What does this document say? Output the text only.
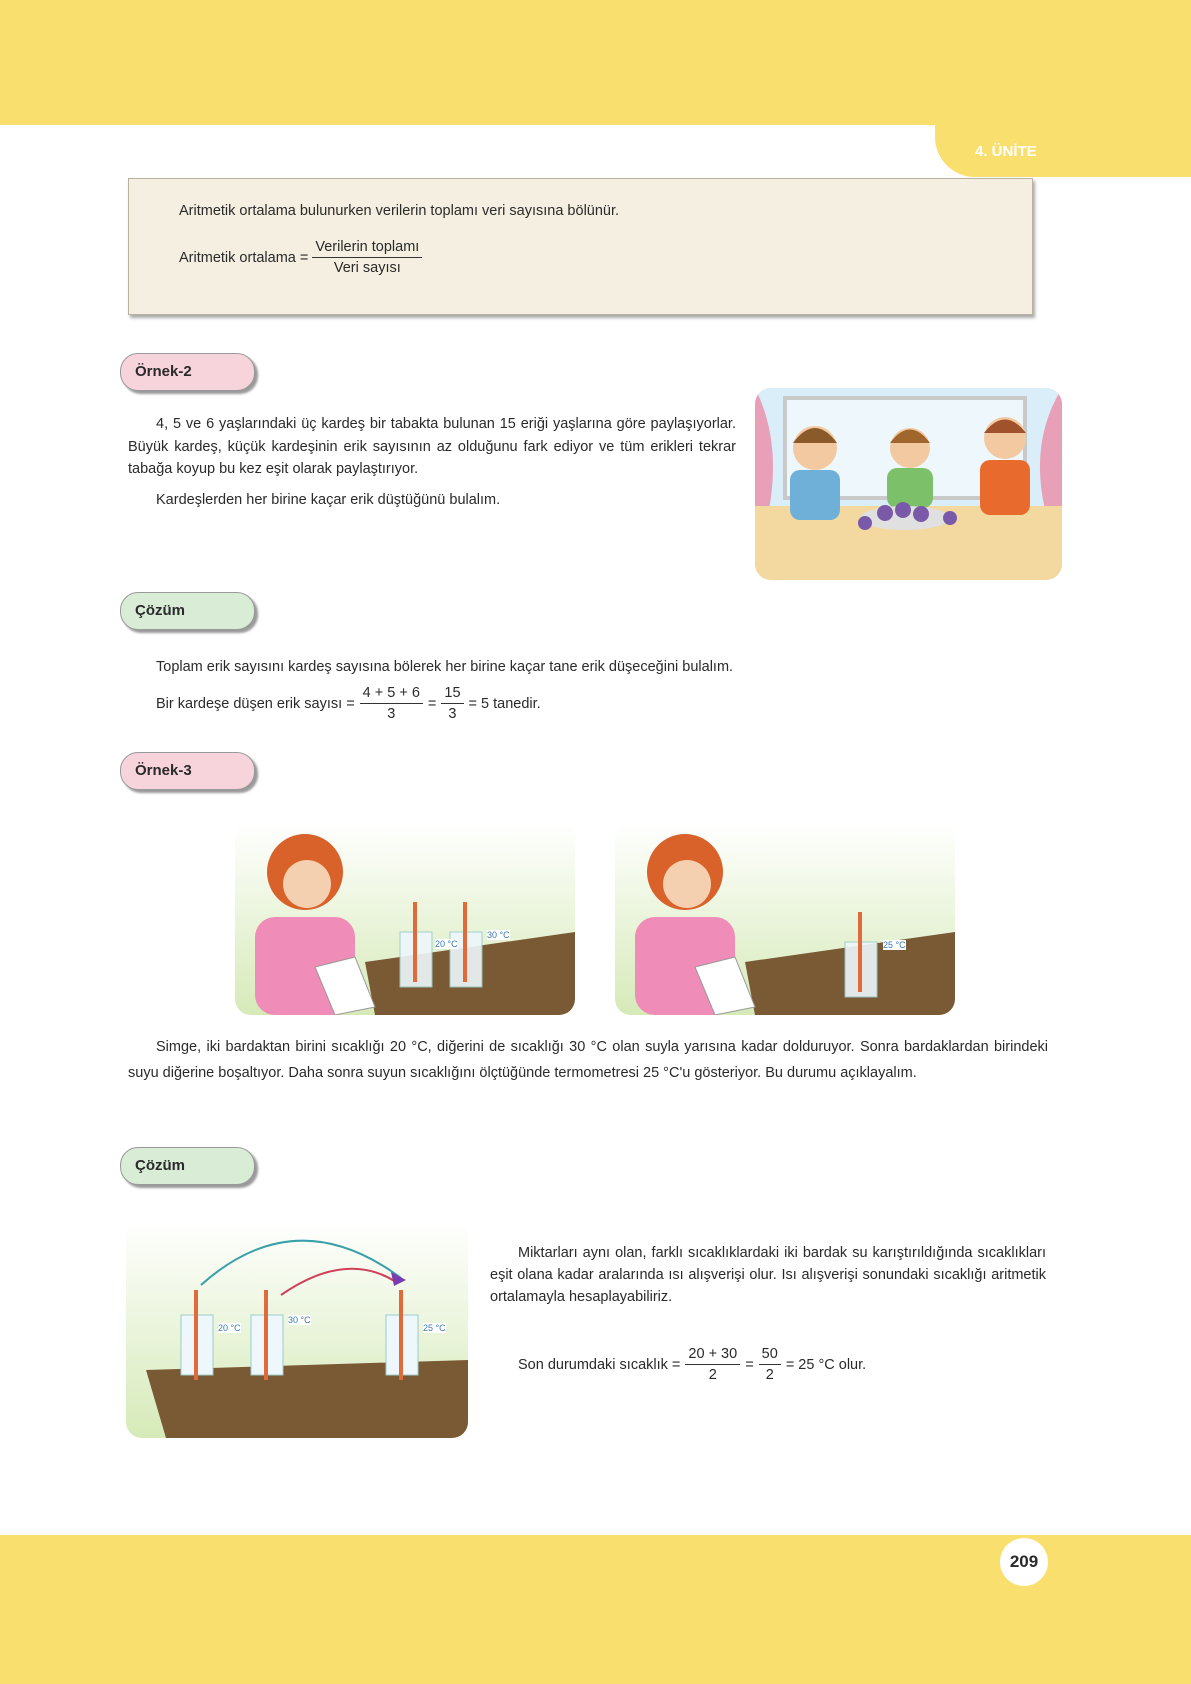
4. ÜNİTE
Aritmetik ortalama bulunurken verilerin toplamı veri sayısına bölünür.
Aritmetik ortalama = $\frac{\text{Verilerin toplamı}}{\text{Veri sayısı}}$
Örnek-2

4, 5 ve 6 yaşlarındaki üç kardeş bir tabakta bulunan 15 eriği yaşlarına göre paylaşıyorlar. Büyük kardeş, küçük kardeşinin erik sayısının az olduğunu fark ediyor ve tüm erikleri tekrar tabağa koyup bu kez eşit olarak paylaştırıyor.

Kardeşlerden her birine kaçar erik düştüğünü bulalım.

Çözüm
Toplam erik sayısını kardeş sayısına bölerek her birine kaçar tane erik düşeceğini bulalım.
Bir kardeşe düşen erik sayısı = $\frac{4 + 5 + 6}{3} = \frac{15}{3} = 5$ tanedir.
Örnek-3
20 °C
30 °C
25 °C

Simge, iki bardaktan birini sıcaklığı 20 °C, diğerini de sıcaklığı 30 °C olan suyla yarısına kadar dolduruyor. Sonra bardaklardan birindeki suyu diğerine boşaltıyor. Daha sonra suyun sıcaklığını ölçtüğünde termometresi 25 °C'u gösteriyor. Bu durumu açıklayalım.

Çözüm
20 °C
30 °C
25 °C

Miktarları aynı olan, farklı sıcaklıklardaki iki bardak su karıştırıldığında sıcaklıkları eşit olana kadar aralarında ısı alışverişi olur. Isı alışverişi sonundaki sıcaklığı aritmetik ortalamayla hesaplayabiliriz.

Son durumdaki sıcaklık = $\frac{20 + 30}{2} = \frac{50}{2} = 25$ °C olur.
209
